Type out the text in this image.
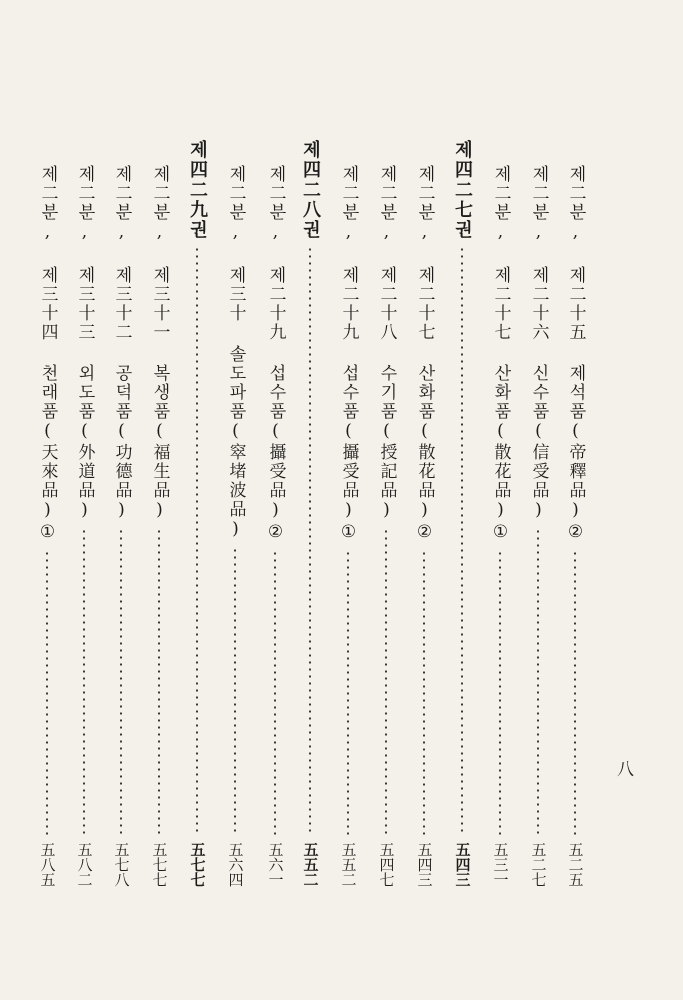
제二분, 제二十五
제석품(帝釋品)②
五二五
제二분, 제二十六
신수품(信受品)
五二七
제二분, 제二十七
산화품(散花品)①
五三一
제四二七권
五四三
제二분, 제二十七
산화품(散花品)②
五四三
제二분, 제二十八
수기품(授記品)
五四七
제二분, 제二十九
섭수품(攝受品)①
五五二
제四二八권
五五二
제二분, 제二十九
섭수품(攝受品)②
五六一
제二분, 제三十
솔도파품(窣堵波品)
五六四
제四二九권
五七七
제二분, 제三十一
복생품(福生品)
五七七
제二분, 제三十二
공덕품(功德品)
五七八
제二분, 제三十三
외도품(外道品)
五八二
제二분, 제三十四
천래품(天來品)①
五八五
八
